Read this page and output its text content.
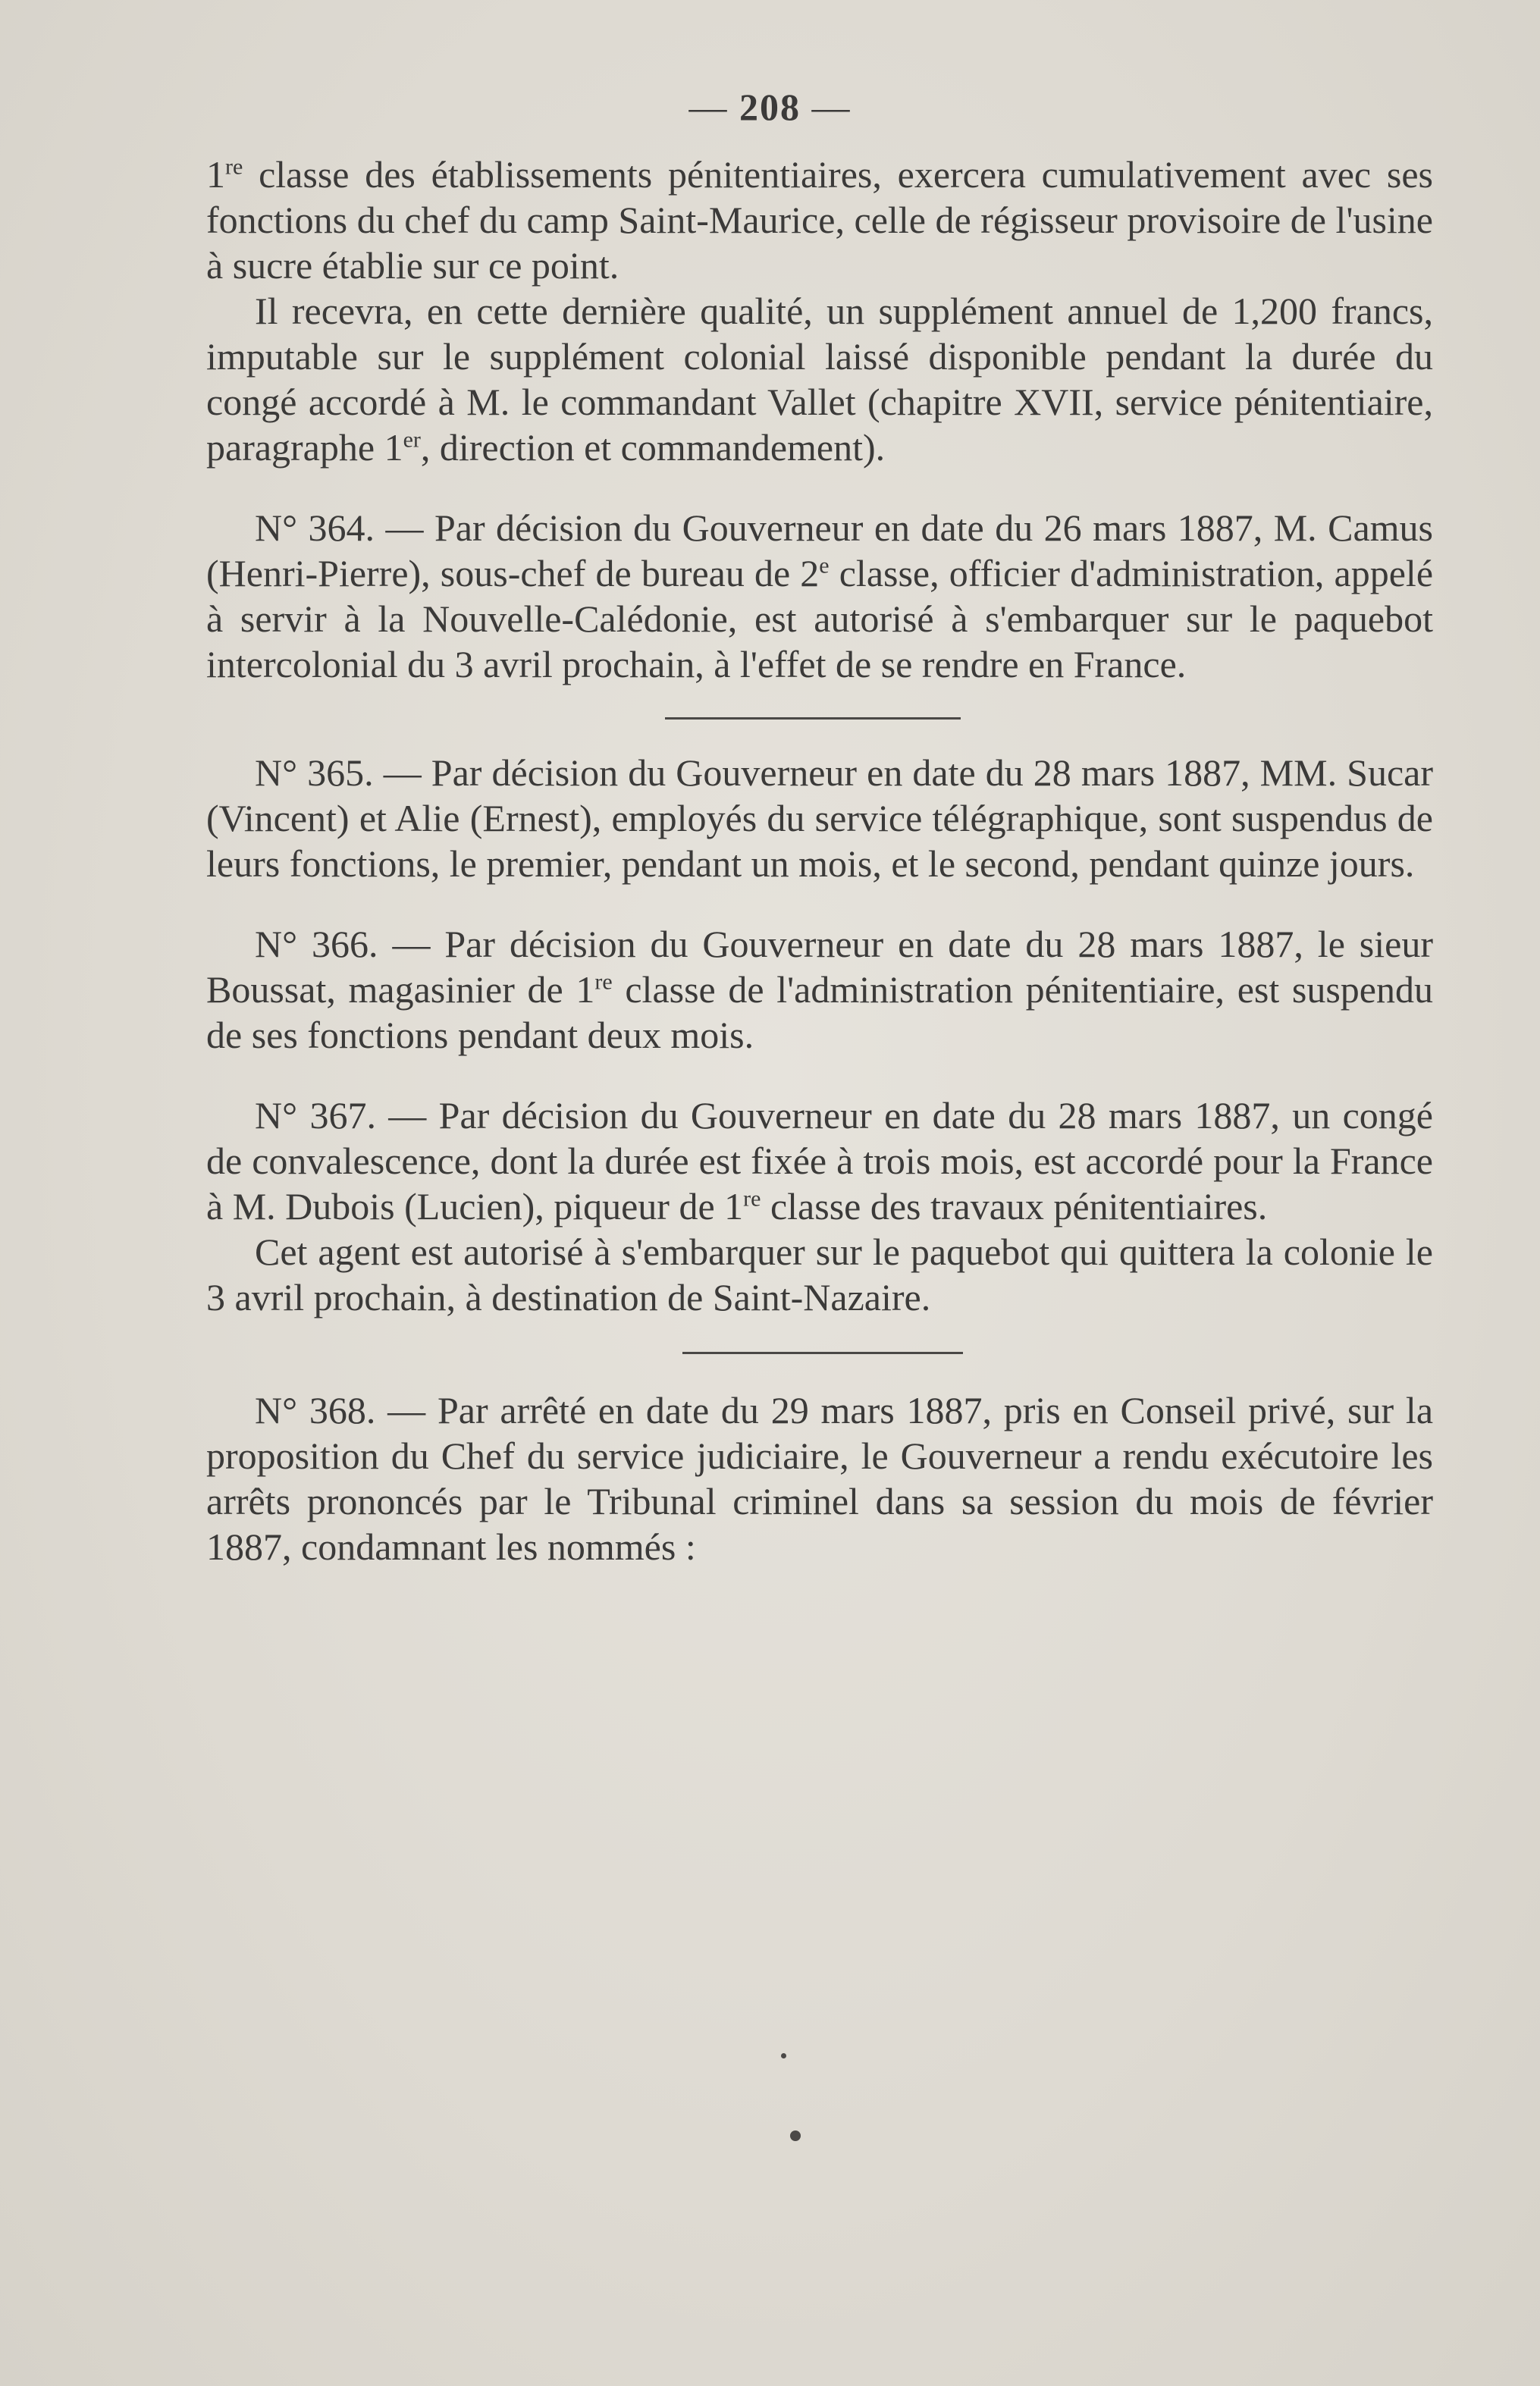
— 208 —

1re classe des établissements pénitentiaires, exercera cumulativement avec ses fonctions du chef du camp Saint-Maurice, celle de régisseur provisoire de l'usine à sucre établie sur ce point.

Il recevra, en cette dernière qualité, un supplément annuel de 1,200 francs, imputable sur le supplément colonial laissé disponible pendant la durée du congé accordé à M. le commandant Vallet (chapitre XVII, service pénitentiaire, paragraphe 1er, direction et commandement).

N° 364. — Par décision du Gouverneur en date du 26 mars 1887, M. Camus (Henri-Pierre), sous-chef de bureau de 2e classe, officier d'administration, appelé à servir à la Nouvelle-Calédonie, est autorisé à s'embarquer sur le paquebot intercolonial du 3 avril prochain, à l'effet de se rendre en France.

N° 365. — Par décision du Gouverneur en date du 28 mars 1887, MM. Sucar (Vincent) et Alie (Ernest), employés du service télégraphique, sont suspendus de leurs fonctions, le premier, pendant un mois, et le second, pendant quinze jours.

N° 366. — Par décision du Gouverneur en date du 28 mars 1887, le sieur Boussat, magasinier de 1re classe de l'administration pénitentiaire, est suspendu de ses fonctions pendant deux mois.

N° 367. — Par décision du Gouverneur en date du 28 mars 1887, un congé de convalescence, dont la durée est fixée à trois mois, est accordé pour la France à M. Dubois (Lucien), piqueur de 1re classe des travaux pénitentiaires.

Cet agent est autorisé à s'embarquer sur le paquebot qui quittera la colonie le 3 avril prochain, à destination de Saint-Nazaire.

N° 368. — Par arrêté en date du 29 mars 1887, pris en Conseil privé, sur la proposition du Chef du service judiciaire, le Gouverneur a rendu exécutoire les arrêts prononcés par le Tribunal criminel dans sa session du mois de février 1887, condamnant les nommés :
